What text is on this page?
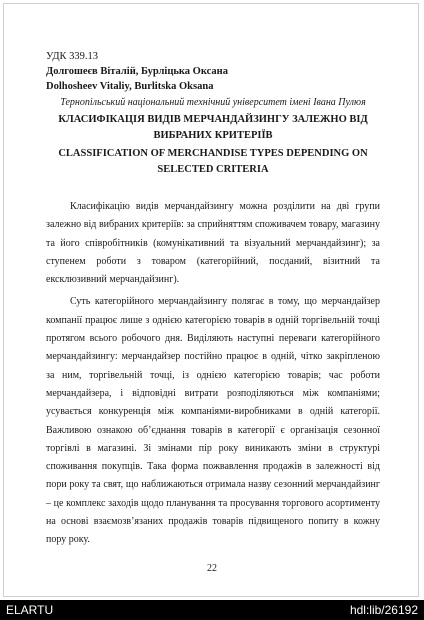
УДК 339.13
Долгошеєв Віталій, Бурліцька Оксана
Dolhosheev Vitaliy, Burlitska Oksana
Тернопільський національний технічний університет імені Івана Пулюя
КЛАСИФІКАЦІЯ ВИДІВ МЕРЧАНДАЙЗИНГУ ЗАЛЕЖНО ВІД ВИБРАНИХ КРИТЕРІЇВ
CLASSIFICATION OF MERCHANDISE TYPES DEPENDING ON SELECTED CRITERIA

Класифікацію видів мерчандайзингу можна розділити на дві групи залежно від вибраних критеріїв: за сприйняттям споживачем товару, магазину та його співробітників (комунікативний та візуальний мерчандайзинг); за ступенем роботи з товаром (категорійний, посданий, візитний та ексклюзивний мерчандайзинг).

Суть категорійного мерчандайзингу полягає в тому, що мерчандайзер компанії працює лише з однією категорією товарів в одній торгівельній точці протягом всього робочого дня. Виділяють наступні переваги категорійного мерчандайзингу: мерчандайзер постійно працює в одній, чітко закріпленою за ним, торгівельній точці, із однією категорією товарів; час роботи мерчандайзера, і відповідні витрати розподіляються між компаніями; усувається конкуренція між компаніями-виробниками в одній категорії. Важливою ознакою об’єднання товарів в категорії є організація сезонної торгівлі в магазині. Зі змінами пір року виникають зміни в структурі споживання покупців. Така форма пожвавлення продажів в залежності від пори року та свят, що наближаються отримала назву сезонний мерчандайзинг – це комплекс заходів щодо планування та просування торгового асортименту на основі взаємозв’язаних продажів товарів підвищеного попиту в кожну пору року.

22
ELARTU	hdl:lib/26192
